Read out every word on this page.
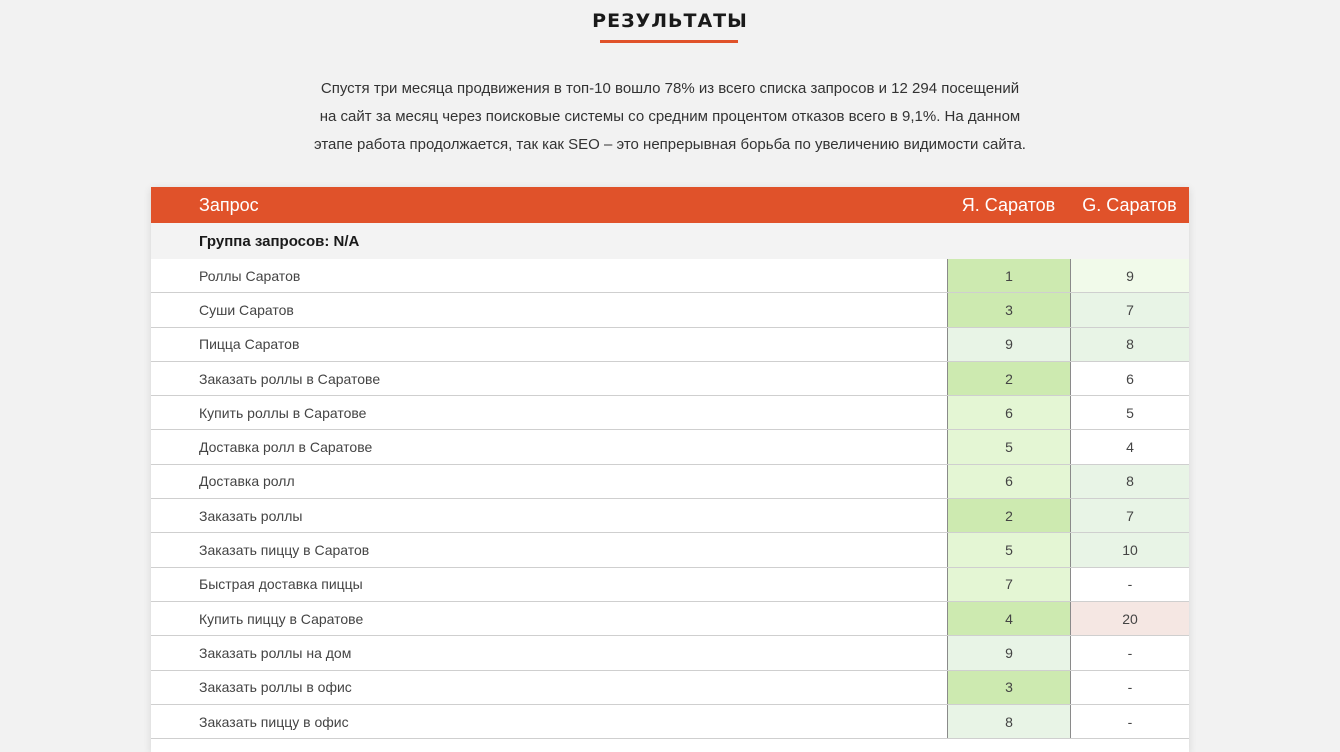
РЕЗУЛЬТАТЫ

Спустя три месяца продвижения в топ-10 вошло 78% из всего списка запросов и 12 294 посещений

на сайт за месяц через поисковые системы со средним процентом отказов всего в 9,1%. На данном

этапе работа продолжается, так как SEO – это непрерывная борьба по увеличению видимости сайта.

Запрос	Я. Саратов	G. Саратов
Группа запросов: N/A
Роллы Саратов	1	9
Суши Саратов	3	7
Пицца Саратов	9	8
Заказать роллы в Саратове	2	6
Купить роллы в Саратове	6	5
Доставка ролл в Саратове	5	4
Доставка ролл	6	8
Заказать роллы	2	7
Заказать пиццу в Саратов	5	10
Быстрая доставка пиццы	7	-
Купить пиццу в Саратове	4	20
Заказать роллы на дом	9	-
Заказать роллы в офис	3	-
Заказать пиццу в офис	8	-
